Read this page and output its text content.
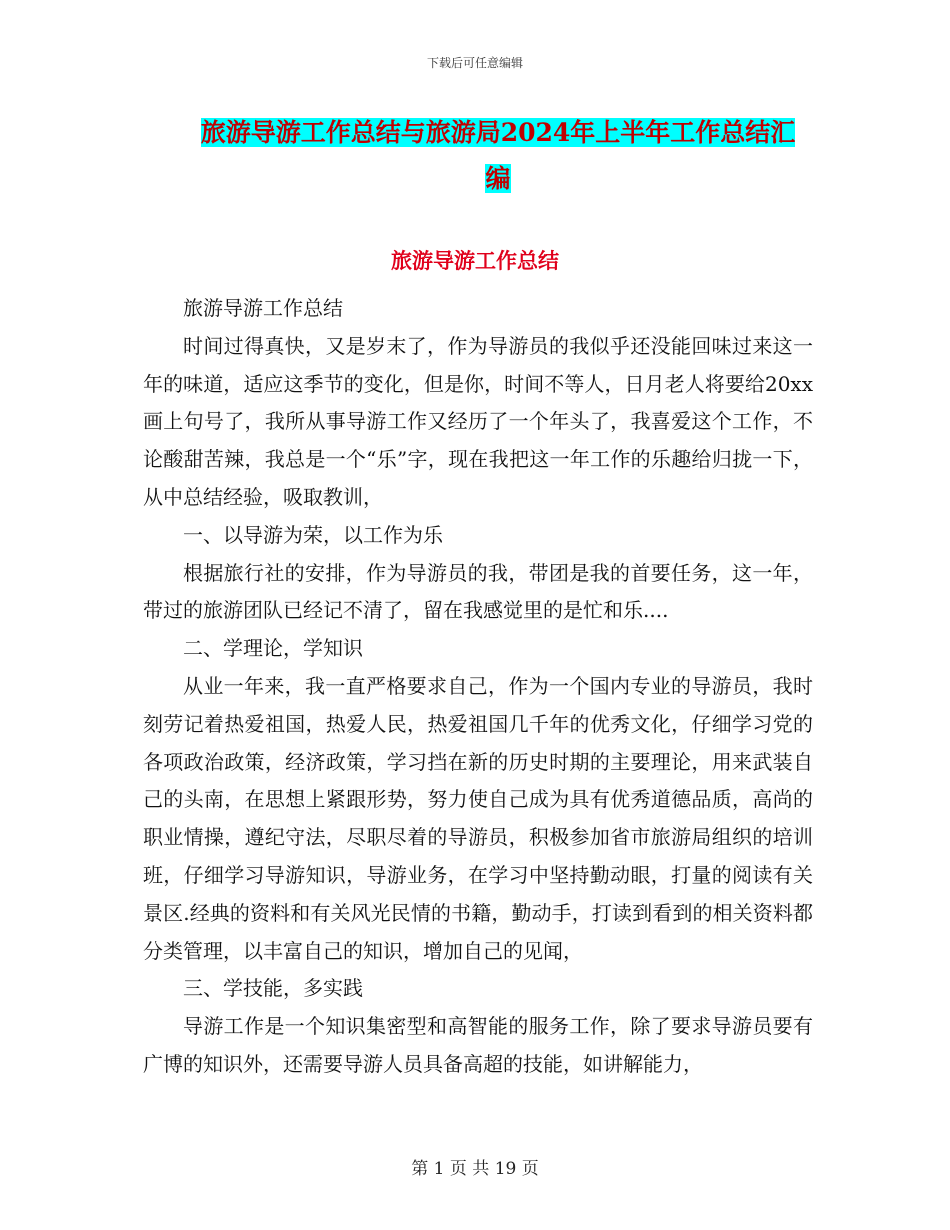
下载后可任意编辑
旅游导游工作总结与旅游局2024年上半年工作总结汇
编
旅游导游工作总结

旅游导游工作总结

时间过得真快，又是岁末了，作为导游员的我似乎还没能回味过来这一年的味道，适应这季节的变化，但是你，时间不等人，日月老人将要给20xx画上句号了，我所从事导游工作又经历了一个年头了，我喜爱这个工作，不论酸甜苦辣，我总是一个“乐”字，现在我把这一年工作的乐趣给归拢一下，从中总结经验，吸取教训，

一、以导游为荣，以工作为乐

根据旅行社的安排，作为导游员的我，带团是我的首要任务，这一年，带过的旅游团队已经记不清了，留在我感觉里的是忙和乐....

二、学理论，学知识

从业一年来，我一直严格要求自己，作为一个国内专业的导游员，我时刻劳记着热爱祖国，热爱人民，热爱祖国几千年的优秀文化，仔细学习党的各项政治政策，经济政策，学习挡在新的历史时期的主要理论，用来武装自己的头南，在思想上紧跟形势，努力使自己成为具有优秀道德品质，高尚的职业情操，遵纪守法，尽职尽着的导游员，积极参加省市旅游局组织的培训班，仔细学习导游知识，导游业务，在学习中坚持勤动眼，打量的阅读有关景区.经典的资料和有关风光民情的书籍，勤动手，打读到看到的相关资料都分类管理，以丰富自己的知识，增加自己的见闻，

三、学技能，多实践

导游工作是一个知识集密型和高智能的服务工作，除了要求导游员要有广博的知识外，还需要导游人员具备高超的技能，如讲解能力，

第 1 页 共 19 页
